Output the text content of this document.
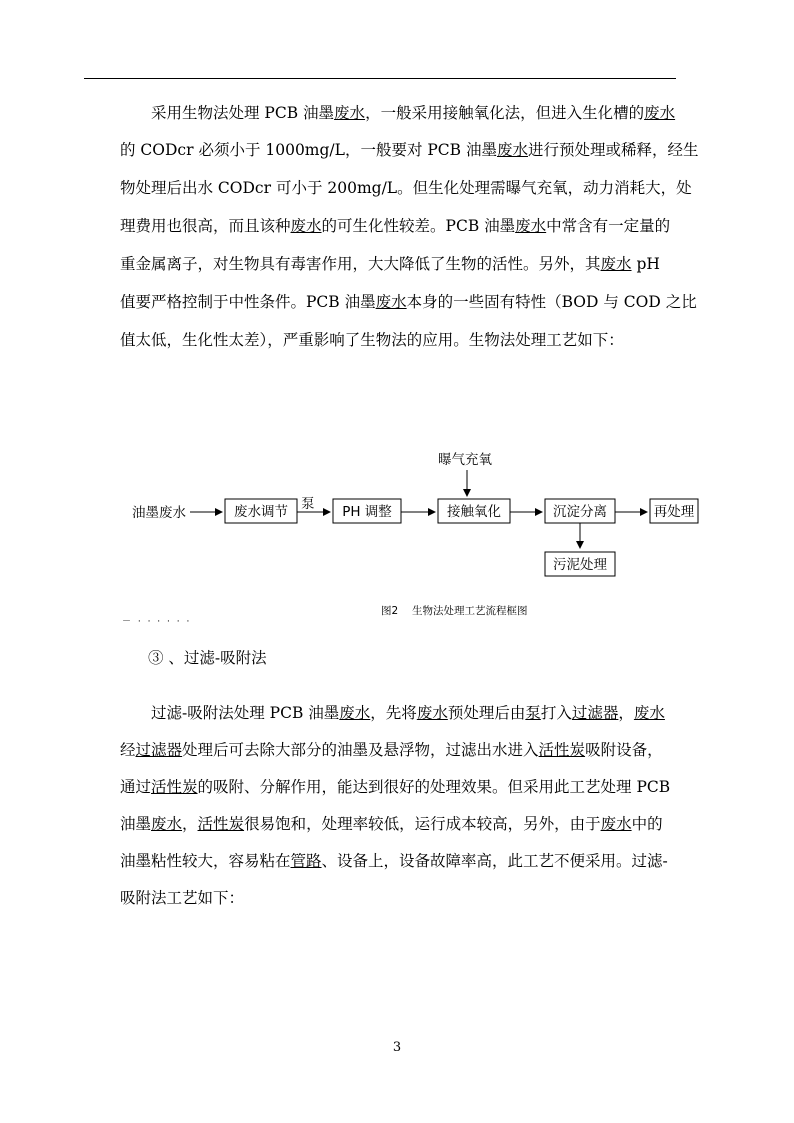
　　采用生物法处理 PCB 油墨废水，一般采用接触氧化法，但进入生化槽的废水
的 CODcr 必须小于 1000mg/L，一般要对 PCB 油墨废水进行预处理或稀释，经生
物处理后出水 CODcr 可小于 200mg/L。但生化处理需曝气充氧，动力消耗大，处
理费用也很高，而且该种废水的可生化性较差。PCB 油墨废水中常含有一定量的
重金属离子，对生物具有毒害作用，大大降低了生物的活性。另外，其废水 pH
值要严格控制于中性条件。PCB 油墨废水本身的一些固有特性（BOD 与 COD 之比
值太低，生化性太差），严重影响了生物法的应用。生物法处理工艺如下：
油墨废水	废水调节 泵 PH 调整
曝气充氧
接触氧化	沉淀分离	再处理
污泥处理
图2　 生物法处理工艺流程框图
－ · · · · · ·
③ 、过滤-吸附法
　　过滤-吸附法处理 PCB 油墨废水，先将废水预处理后由泵打入过滤器，废水
经过滤器处理后可去除大部分的油墨及悬浮物，过滤出水进入活性炭吸附设备，
通过活性炭的吸附、分解作用，能达到很好的处理效果。但采用此工艺处理 PCB
油墨废水，活性炭很易饱和，处理率较低，运行成本较高，另外，由于废水中的
油墨粘性较大，容易粘在管路、设备上，设备故障率高，此工艺不便采用。过滤-
吸附法工艺如下：
3
